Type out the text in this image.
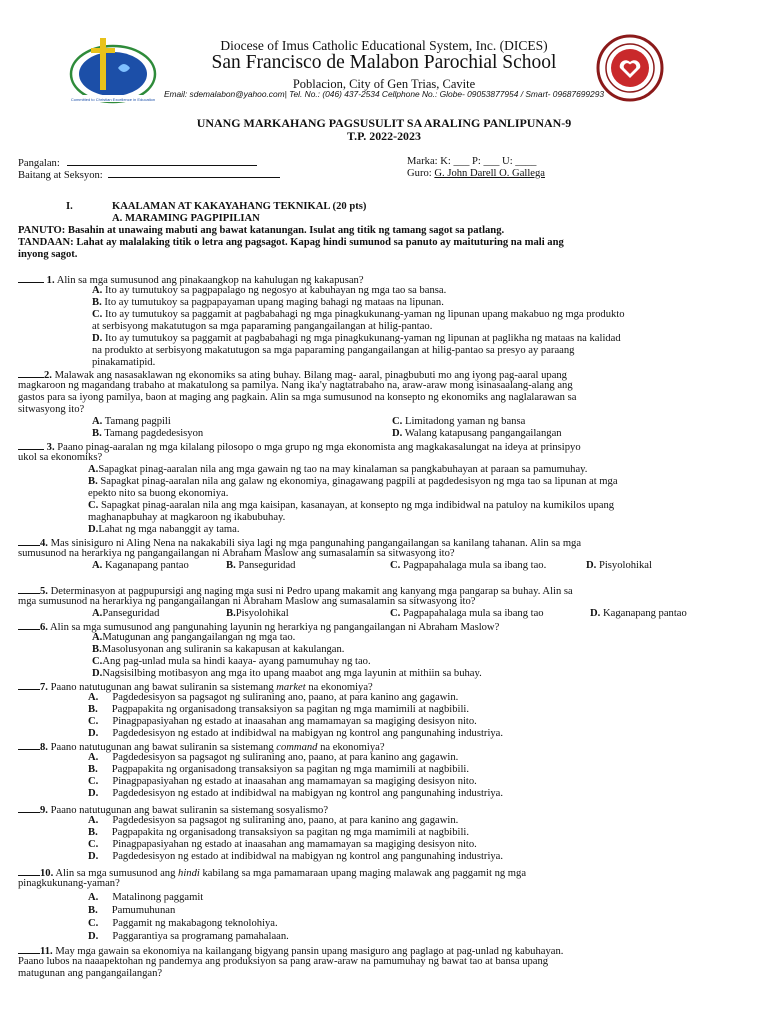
Committed to Christian Excellence in Education
Diocese of Imus Catholic Educational System, Inc. (DICES)
San Francisco de Malabon Parochial School
Poblacion, City of Gen Trias, Cavite
Email: sdemalabon@yahoo.com| Tel. No.: (046) 437-2534 Cellphone No.: Globe- 09053877954 / Smart- 09687699293
UNANG MARKAHANG PAGSUSULIT SA ARALING PANLIPUNAN-9
T.P. 2022-2023
Pangalan:
Baitang at Seksyon:
Marka: K: ___ P: ___ U: ____
Guro: G. John Darell O. Gallega
I.	KAALAMAN AT KAKAYAHANG TEKNIKAL (20 pts)
A. MARAMING PAGPIPILIAN
PANUTO: Basahin at unawaing mabuti ang bawat katanungan. Isulat ang titik ng tamang sagot sa patlang.
TANDAAN: Lahat ay malalaking titik o letra ang pagsagot. Kapag hindi sumunod sa panuto ay maituturing na mali ang
inyong sagot.
1. Alin sa mga sumusunod ang pinakaangkop na kahulugan ng kakapusan?
A. Ito ay tumutukoy sa pagpapalago ng negosyo at kabuhayan ng mga tao sa bansa.
B. Ito ay tumutukoy sa pagpapayaman upang maging bahagi ng mataas na lipunan.
C. Ito ay tumutukoy sa paggamit at pagbabahagi ng mga pinagkukunang-yaman ng lipunan upang makabuo ng mga produkto
at serbisyong makatutugon sa mga paparaming pangangailangan at hilig-pantao.
D. Ito ay tumutukoy sa paggamit at pagbabahagi ng mga pinagkukunang-yaman ng lipunan at paglikha ng mataas na kalidad
na produkto at serbisyong makatutugon sa mga paparaming pangangailangan at hilig-pantao sa presyo ay paraang
pinakamatipid.
2. Malawak ang nasasaklawan ng ekonomiks sa ating buhay. Bilang mag- aaral, pinagbubuti mo ang iyong pag-aaral upang
magkaroon ng magandang trabaho at makatulong sa pamilya. Nang ika'y nagtatrabaho na, araw-araw mong isinasaalang-alang ang
gastos para sa iyong pamilya, baon at maging ang pagkain. Alin sa mga sumusunod na konsepto ng ekonomiks ang naglalarawan sa
sitwasyong ito?
A. Tamang pagpili	C. Limitadong yaman ng bansa
B. Tamang pagdedesisyon	D. Walang katapusang pangangailangan
3. Paano pinag-aaralan ng mga kilalang pilosopo o mga grupo ng mga ekonomista ang magkakasalungat na ideya at prinsipyo
ukol sa ekonomiks?
A.Sapagkat pinag-aaralan nila ang mga gawain ng tao na may kinalaman sa pangkabuhayan at paraan sa pamumuhay.
B. Sapagkat pinag-aaralan nila ang galaw ng ekonomiya, ginagawang pagpili at pagdedesisyon ng mga tao sa lipunan at mga
epekto nito sa buong ekonomiya.
C. Sapagkat pinag-aaralan nila ang mga kaisipan, kasanayan, at konsepto ng mga indibidwal na patuloy na kumikilos upang
maghanapbuhay at magkaroon ng ikabubuhay.
D.Lahat ng mga nabanggit ay tama.
4. Mas sinisiguro ni Aling Nena na nakakabili siya lagi ng mga pangunahing pangangailangan sa kanilang tahanan. Alin sa mga
sumusunod na herarkiya ng pangangailangan ni Abraham Maslow ang sumasalamin sa sitwasyong ito?
A. Kaganapang pantao	B. Panseguridad	C. Pagpapahalaga mula sa ibang tao.	D. Pisyolohikal
5. Determinasyon at pagpupursigi ang naging mga susi ni Pedro upang makamit ang kanyang mga pangarap sa buhay. Alin sa
mga sumusunod na herarkiya ng pangangailangan ni Abraham Maslow ang sumasalamin sa sitwasyong ito?
A.Panseguridad	B.Pisyolohikal	C. Pagpapahalaga mula sa ibang tao	D. Kaganapang pantao
6. Alin sa mga sumusunod ang pangunahing layunin ng herarkiya ng pangangailangan ni Abraham Maslow?
A.Matugunan ang pangangailangan ng mga tao.
B.Masolusyonan ang suliranin sa kakapusan at kakulangan.
C.Ang pag-unlad mula sa hindi kaaya- ayang pamumuhay ng tao.
D.Nagsisilbing motibasyon ang mga ito upang maabot ang mga layunin at mithiin sa buhay.
7. Paano natutugunan ang bawat suliranin sa sistemang market na ekonomiya?
A. Pagdedesisyon sa pagsagot ng suliraning ano, paano, at para kanino ang gagawin.
B. Pagpapakita ng organisadong transaksiyon sa pagitan ng mga mamimili at nagbibili.
C. Pinagpapasiyahan ng estado at inaasahan ang mamamayan sa magiging desisyon nito.
D. Pagdedesisyon ng estado at indibidwal na mabigyan ng kontrol ang pangunahing industriya.
8. Paano natutugunan ang bawat suliranin sa sistemang command na ekonomiya?
A. Pagdedesisyon sa pagsagot ng suliraning ano, paano, at para kanino ang gagawin.
B. Pagpapakita ng organisadong transaksiyon sa pagitan ng mga mamimili at nagbibili.
C. Pinagpapasiyahan ng estado at inaasahan ang mamamayan sa magiging desisyon nito.
D. Pagdedesisyon ng estado at indibidwal na mabigyan ng kontrol ang pangunahing industriya.
9. Paano natutugunan ang bawat suliranin sa sistemang sosyalismo?
A. Pagdedesisyon sa pagsagot ng suliraning ano, paano, at para kanino ang gagawin.
B. Pagpapakita ng organisadong transaksiyon sa pagitan ng mga mamimili at nagbibili.
C. Pinagpapasiyahan ng estado at inaasahan ang mamamayan sa magiging desisyon nito.
D. Pagdedesisyon ng estado at indibidwal na mabigyan ng kontrol ang pangunahing industriya.
10. Alin sa mga sumusunod ang hindi kabilang sa mga pamamaraan upang maging malawak ang paggamit ng mga
pinagkukunang-yaman?
A. Matalinong paggamit
B. Pamumuhunan
C. Paggamit ng makabagong teknolohiya.
D. Paggarantiya sa programang pamahalaan.
11. May mga gawain sa ekonomiya na kailangang bigyang pansin upang masiguro ang paglago at pag-unlad ng kabuhayan.
Paano lubos na naaapektohan ng pandemya ang produksiyon sa pang araw-araw na pamumuhay ng bawat tao at bansa upang
matugunan ang pangangailangan?
